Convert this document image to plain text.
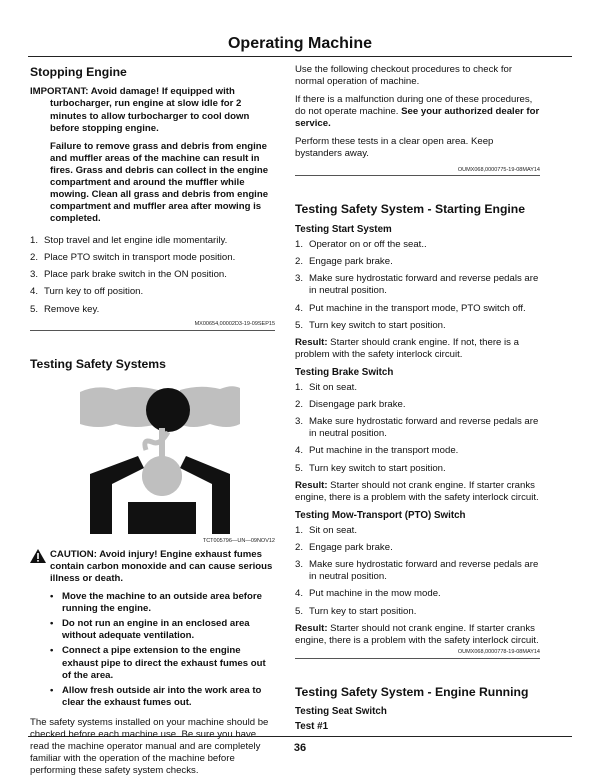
Operating Machine
Stopping Engine
IMPORTANT: Avoid damage! If equipped with
turbocharger, run engine at slow idle for 2 minutes to allow turbocharger to cool down before stopping engine.

Failure to remove grass and debris from engine and muffler areas of the machine can result in fires. Grass and debris can collect in the engine compartment and around the muffler while mowing. Clean all grass and debris from engine compartment and muffler area after mowing is completed.

1. Stop travel and let engine idle momentarily.
2. Place PTO switch in transport mode position.
3. Place park brake switch in the ON position.
4. Turn key to off position.
5. Remove key.
MX00654,00002D3-19-09SEP15
Testing Safety Systems
TCT005796—UN—09NOV12
CAUTION: Avoid injury! Engine exhaust fumes contain carbon monoxide and can cause serious illness or death.
• Move the machine to an outside area before running the engine.
• Do not run an engine in an enclosed area without adequate ventilation.
• Connect a pipe extension to the engine exhaust pipe to direct the exhaust fumes out of the area.
• Allow fresh outside air into the work area to clear the exhaust fumes out.

The safety systems installed on your machine should be checked before each machine use. Be sure you have read the machine operator manual and are completely familiar with the operation of the machine before performing these safety system checks.

Use the following checkout procedures to check for normal operation of machine.

If there is a malfunction during one of these procedures, do not operate machine. See your authorized dealer for service.

Perform these tests in a clear open area. Keep bystanders away.

OUMX068,0000775-19-08MAY14
Testing Safety System - Starting Engine
Testing Start System
1. Operator on or off the seat..
2. Engage park brake.
3. Make sure hydrostatic forward and reverse pedals are in neutral position.
4. Put machine in the transport mode, PTO switch off.
5. Turn key switch to start position.

Result: Starter should crank engine. If not, there is a problem with the safety interlock circuit.

Testing Brake Switch
1. Sit on seat.
2. Disengage park brake.
3. Make sure hydrostatic forward and reverse pedals are in neutral position.
4. Put machine in the transport mode.
5. Turn key switch to start position.

Result: Starter should not crank engine. If starter cranks engine, there is a problem with the safety interlock circuit.

Testing Mow-Transport (PTO) Switch
1. Sit on seat.
2. Engage park brake.
3. Make sure hydrostatic forward and reverse pedals are in neutral position.
4. Put machine in the mow mode.
5. Turn key to start position.

Result: Starter should not crank engine. If starter cranks engine, there is a problem with the safety interlock circuit.

OUMX068,0000778-19-08MAY14
Testing Safety System - Engine Running
Testing Seat Switch
Test #1
36
